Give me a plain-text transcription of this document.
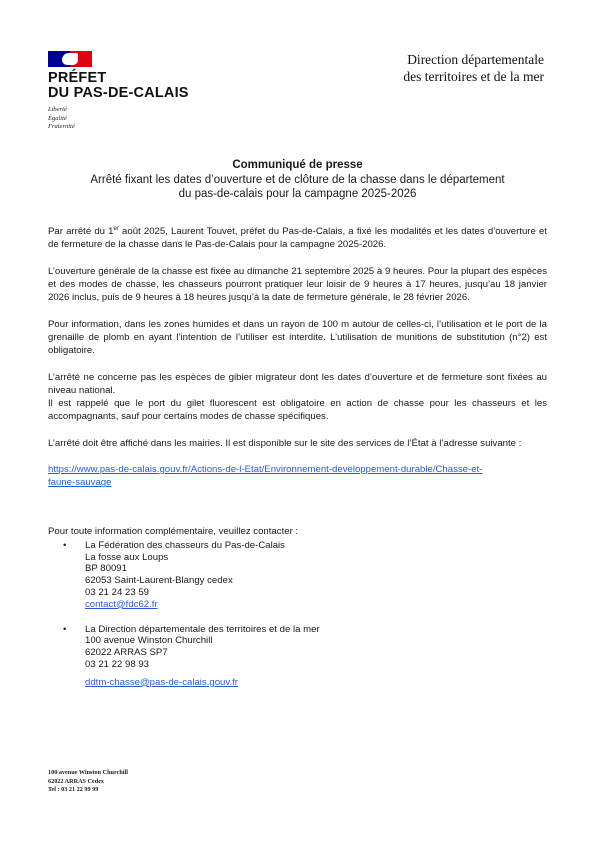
PRÉFET
DU PAS-DE-CALAIS
Liberté
Égalité
Fraternité
Direction départementale
des territoires et de la mer
Communiqué de presse
Arrêté fixant les dates d’ouverture et de clôture de la chasse dans le département
du pas-de-calais pour la campagne 2025-2026

Par arrêté du 1er août 2025, Laurent Touvet, préfet du Pas-de-Calais, a fixé les modalités et les dates d’ouverture et de fermeture de la chasse dans le Pas-de-Calais pour la campagne 2025-2026.

L’ouverture générale de la chasse est fixée au dimanche 21 septembre 2025 à 9 heures. Pour la plupart des espèces et des modes de chasse, les chasseurs pourront pratiquer leur loisir de 9 heures à 17 heures, jusqu’au 18 janvier 2026 inclus, puis de 9 heures à 18 heures jusqu’à la date de fermeture générale, le 28 février 2026.

Pour information, dans les zones humides et dans un rayon de 100 m autour de celles-ci, l’utilisation et le port de la grenaille de plomb en ayant l’intention de l’utiliser est interdite. L’utilisation de munitions de substitution (n°2) est obligatoire.

L’arrêté ne concerne pas les espèces de gibier migrateur dont les dates d’ouverture et de fermeture sont fixées au niveau national.

Il est rappelé que le port du gilet fluorescent est obligatoire en action de chasse pour les chasseurs et les accompagnants, sauf pour certains modes de chasse spécifiques.

L’arrêté doit être affiché dans les mairies. Il est disponible sur le site des services de l’État à l’adresse suivante :

https://www.pas-de-calais.gouv.fr/Actions-de-l-Etat/Environnement-developpement-durable/Chasse-et-
faune-sauvage

Pour toute information complémentaire, veuillez contacter :

• La Fédération des chasseurs du Pas-de-Calais
La fosse aux Loups
BP 80091
62053 Saint-Laurent-Blangy cedex
03 21 24 23 59
contact@fdc62.fr
• La Direction départementale des territoires et de la mer
100 avenue Winston Churchill
62022 ARRAS SP7
03 21 22 98 93
ddtm-chasse@pas-de-calais.gouv.fr
100 avenue Winston Churchill
62022 ARRAS Cedex
Tel : 03 21 22 99 99
